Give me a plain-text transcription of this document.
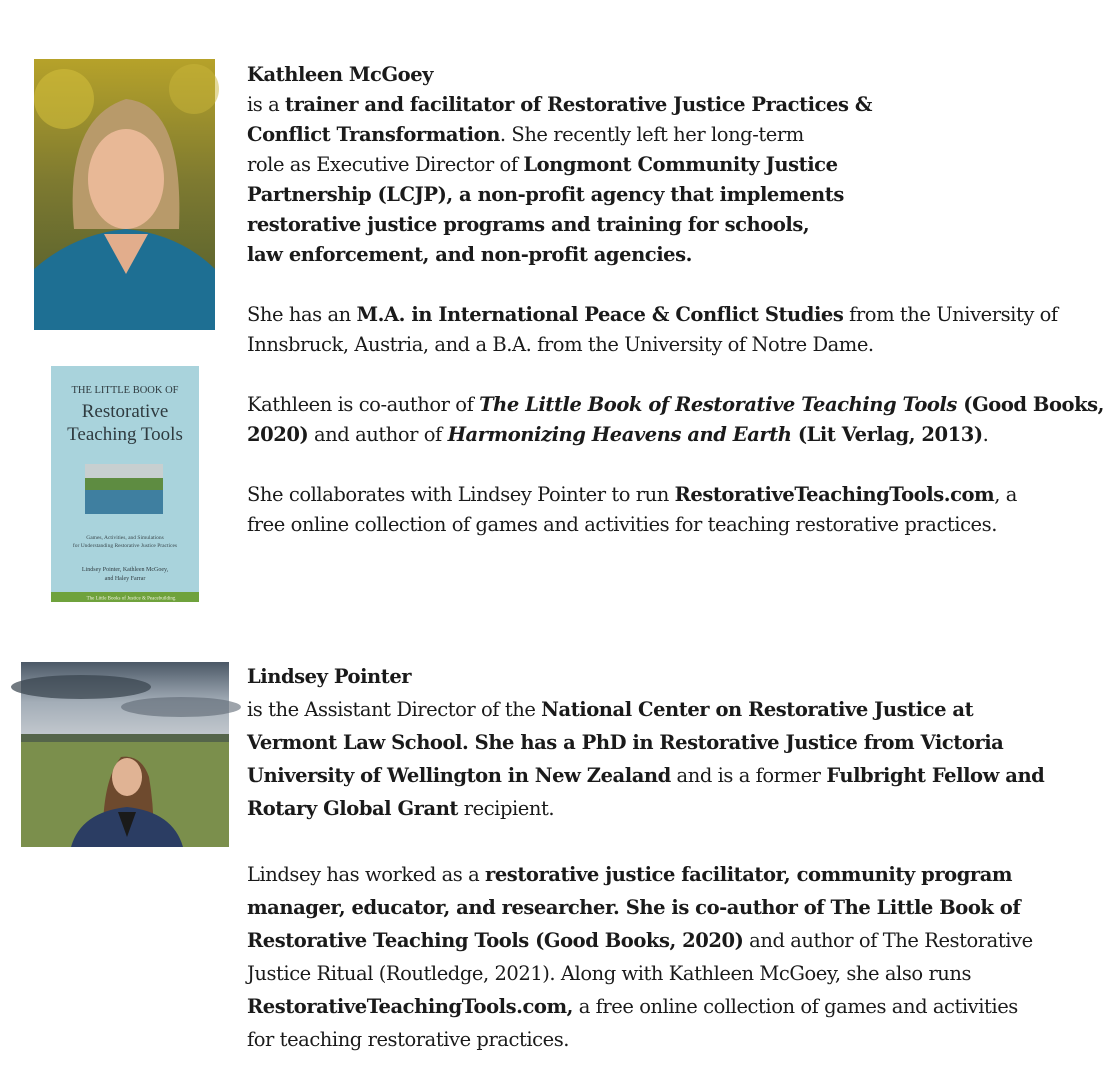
THE LITTLE BOOK OF
Restorative
Teaching Tools
Games, Activities, and Simulations
for Understanding Restorative Justice Practices
Lindsey Pointer, Kathleen McGoey,
and Haley Farrar
The Little Books of Justice & Peacebuilding

Kathleen McGoey
is a trainer and facilitator of Restorative Justice Practices &
Conflict Transformation. She recently left her long-term
role as Executive Director of Longmont Community Justice
Partnership (LCJP), a non-profit agency that implements
restorative justice programs and training for schools,
law enforcement, and non-profit agencies.

She has an M.A. in International Peace & Conflict Studies from the University of
Innsbruck, Austria, and a B.A. from the University of Notre Dame.

Kathleen is co-author of The Little Book of Restorative Teaching Tools (Good Books,
2020) and author of Harmonizing Heavens and Earth (Lit Verlag, 2013).

She collaborates with Lindsey Pointer to run RestorativeTeachingTools.com, a
free online collection of games and activities for teaching restorative practices.

Lindsey Pointer
is the Assistant Director of the National Center on Restorative Justice at
Vermont Law School. She has a PhD in Restorative Justice from Victoria
University of Wellington in New Zealand and is a former Fulbright Fellow and
Rotary Global Grant recipient.

Lindsey has worked as a restorative justice facilitator, community program
manager, educator, and researcher. She is co-author of The Little Book of
Restorative Teaching Tools (Good Books, 2020) and author of The Restorative
Justice Ritual (Routledge, 2021). Along with Kathleen McGoey, she also runs
RestorativeTeachingTools.com, a free online collection of games and activities
for teaching restorative practices.
